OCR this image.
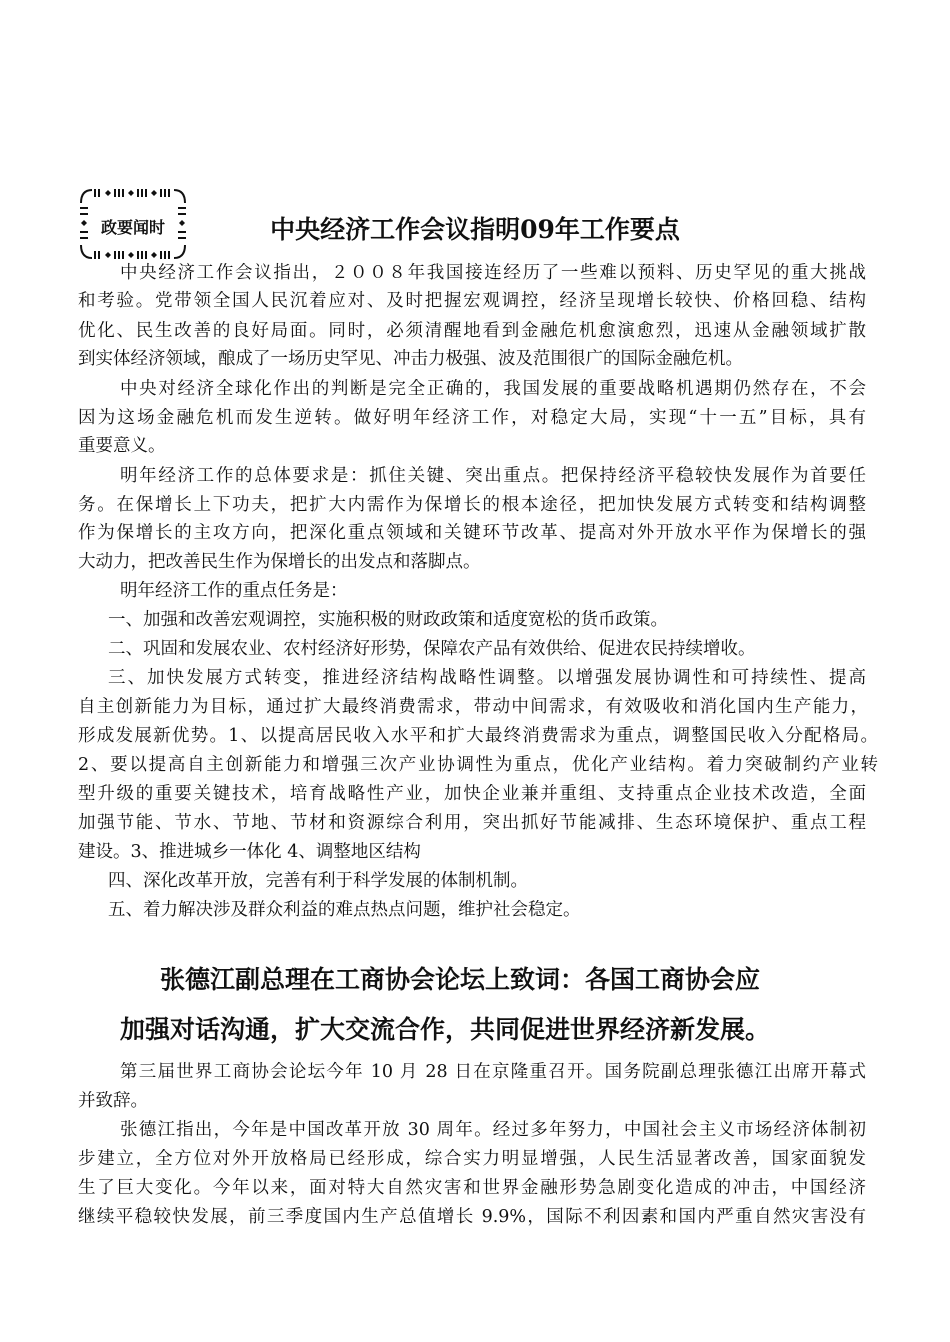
政要闻时	中央经济工作会议指明09年工作要点
中央经济工作会议指出，２００８年我国接连经历了一些难以预料、历史罕见的重大挑战
和考验。党带领全国人民沉着应对、及时把握宏观调控，经济呈现增长较快、价格回稳、结构
优化、民生改善的良好局面。同时，必须清醒地看到金融危机愈演愈烈，迅速从金融领域扩散
到实体经济领域，酿成了一场历史罕见、冲击力极强、波及范围很广的国际金融危机。
中央对经济全球化作出的判断是完全正确的，我国发展的重要战略机遇期仍然存在，不会
因为这场金融危机而发生逆转。做好明年经济工作，对稳定大局，实现“十一五”目标，具有
重要意义。
明年经济工作的总体要求是：抓住关键、突出重点。把保持经济平稳较快发展作为首要任
务。在保增长上下功夫，把扩大内需作为保增长的根本途径，把加快发展方式转变和结构调整
作为保增长的主攻方向，把深化重点领域和关键环节改革、提高对外开放水平作为保增长的强
大动力，把改善民生作为保增长的出发点和落脚点。
明年经济工作的重点任务是：
一、加强和改善宏观调控，实施积极的财政政策和适度宽松的货币政策。
二、巩固和发展农业、农村经济好形势，保障农产品有效供给、促进农民持续增收。
三、加快发展方式转变，推进经济结构战略性调整。以增强发展协调性和可持续性、提高
自主创新能力为目标，通过扩大最终消费需求，带动中间需求，有效吸收和消化国内生产能力，
形成发展新优势。1、以提高居民收入水平和扩大最终消费需求为重点，调整国民收入分配格局。
2、要以提高自主创新能力和增强三次产业协调性为重点，优化产业结构。着力突破制约产业转
型升级的重要关键技术，培育战略性产业，加快企业兼并重组、支持重点企业技术改造，全面
加强节能、节水、节地、节材和资源综合利用，突出抓好节能减排、生态环境保护、重点工程
建设。3、推进城乡一体化 4、调整地区结构
四、深化改革开放，完善有利于科学发展的体制机制。
五、着力解决涉及群众利益的难点热点问题，维护社会稳定。
张德江副总理在工商协会论坛上致词：各国工商协会应
加强对话沟通，扩大交流合作，共同促进世界经济新发展。
第三届世界工商协会论坛今年 10 月 28 日在京隆重召开。国务院副总理张德江出席开幕式
并致辞。
张德江指出，今年是中国改革开放 30 周年。经过多年努力，中国社会主义市场经济体制初
步建立，全方位对外开放格局已经形成，综合实力明显增强，人民生活显著改善，国家面貌发
生了巨大变化。今年以来，面对特大自然灾害和世界金融形势急剧变化造成的冲击，中国经济
继续平稳较快发展，前三季度国内生产总值增长 9.9%，国际不利因素和国内严重自然灾害没有
